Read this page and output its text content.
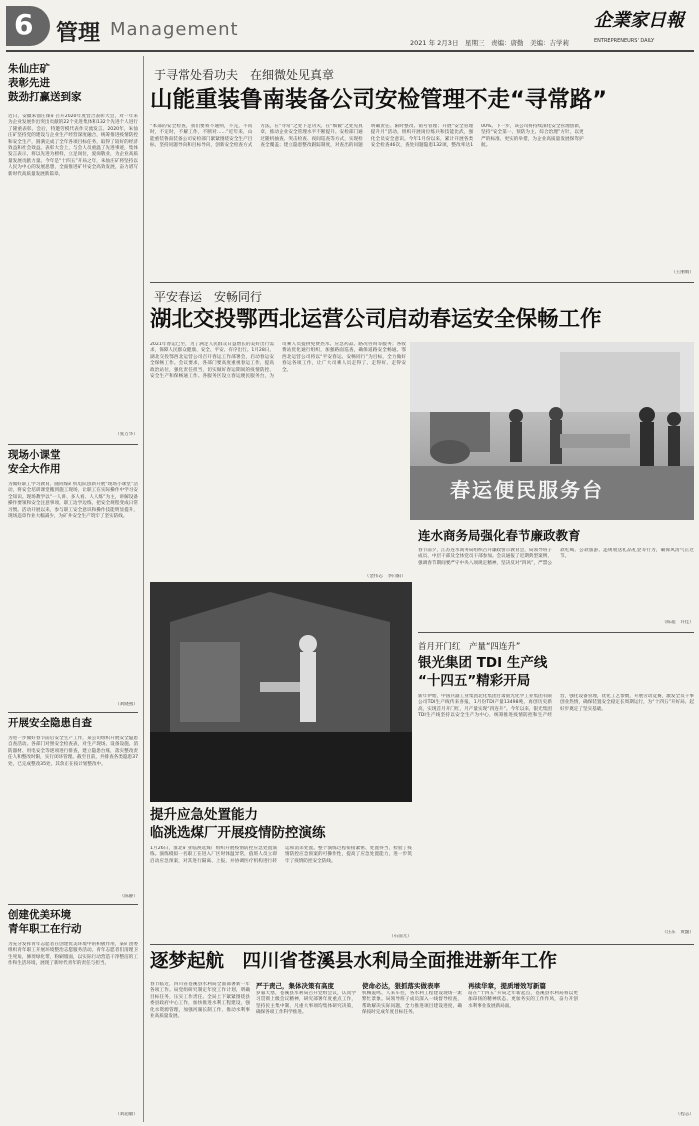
6 管理 Management	企業家日報
2021 年 2月3日　星期三　责编：唐勤　美编：吉学莉	ENTREPRENEURS' DAILY
朱仙庄矿
表彰先进
鼓劲打赢送到家
近日，安徽朱仙庄煤矿召开2020年度营合表彰大会，对一年来为企业发展作出突出贡献的22个先进集体和132个先进个人进行了隆重表彰。会后，特邀劳模代表作交流发言。2020年，朱仙庄矿坚持党的建设与企业生产经营深度融合，统筹推进疫情防控和安全生产，圆满完成了全年各项目标任务，取得了较好的经济效益和社会效益。表彰大会上，与会人员重温了先进事迹，集体发言表示，将以先进为榜样，立足岗位，爱岗敬业，为企业高质量发展贡献力量。今年是“十四五”开局之年，朱仙庄矿将坚持以人民为中心的发展思想，全面推进矿井安全高效发展，奋力谱写新时代高质量发展新篇章。
（张万华）
现场小课堂
安全大作用
为做好职工学习教育，随同煤矿机电队创新开展“现场小课堂”活动，将安全培训课堂搬到施工现场，让职工在实际操作中学习安全知识。现场教学以“一人讲、多人看、人人练”为主，讲解设备操作要领和安全注意事项，职工边学边练，把安全规程变成日常习惯。活动开展以来，参与职工安全意识和操作技能明显提升，现场违章作业大幅减少，为矿井安全生产筑牢了坚实防线。
（刘晓燕）
开展安全隐患自查
为进一步做好春节前后安全生产工作，某公司组织开展安全隐患自查活动。各部门对照安全检查表，对生产现场、设备设施、消防器材、用电安全等逐项进行排查，建立隐患台账，落实整改责任人和整改时限，实行闭环管理。截至目前，共排查各类隐患37处，已完成整改35处，其余正在按计划整改中。
（陈静）
创建优美环境
青年职工在行动
为充分发挥青年志愿者在创建优美环境中的积极作用，某矿团委组织青年职工开展环境整治志愿服务活动。青年志愿者们清理卫生死角，修剪绿化带，粉刷墙面，以实际行动营造干净整洁的工作和生活环境，展现了新时代青年的责任与担当。
（刘超敏）
于寻常处看功夫　在细微处见真章
山能重装鲁南装备公司安检管理不走“寻常路”
“本部的安全检查，我们要将不通则，不完，不问时，不定时，不解工作，不断对……”近年来，山能重装鲁南装备公司安检部门紧紧围绕安全生产目标，坚持问题导向和目标导向，创新安全检查方式方法，在“寻常”之处下足功夫，在“细微”之处见真章，推动企业安全管理水平不断提升。安检部门通过随机抽查、突击检查、夜间巡查等方式，实现检查全覆盖；建立隐患整改跟踪制度，对查出的问题明确责任、限时整改、销号管理；开展“安全管理提升月”活动，组织开展岗位练兵和技能比武，强化全员安全意识。今年1月份以来，累计开展各类安全检查46次，查处问题隐患132项，整改率达100%。下一步，该公司将持续深化安全管理创新，坚持“安全第一、预防为主、综合治理”方针，以更严的标准、更实的举措，为企业高质量发展保驾护航。
（王丽娟）
平安春运　安畅同行
湖北交投鄂西北运营公司启动春运安全保畅工作
2021年春运已至，为了满足人民群众日益增长的美好出行需求，保障人民群众健康、安全、平安、有序出行。1月28日，湖北交投鄂西北运营公司召开春运工作部署会，启动春运安全保畅工作。会议要求，各部门要高度重视春运工作，提高政治站位，强化责任担当，切实做好春运期间的疫情防控、安全生产和保畅通工作。各服务区设立春运便民服务台，为司乘人员提供免费热水、应急药品、路况咨询等服务；各收费站优化通行组织，加强路面巡查，确保道路安全畅通。鄂西北运营公司将以“平安春运、安畅同行”为目标，全力做好春运各项工作，让广大司乘人员走得了、走得好、走得安全。
（金伟志　李向阳）
春运便民服务台
连水商务局强化春节廉政教育
春节前夕，江苏连水商务局组织召开廉政警示教育会，局领导班子成员、中层干部及全体党员干部参加。会议通报了近期典型案例，强调春节期间要严守中央八项规定精神，坚决反对“四风”，严禁公款吃喝、公款旅游、违规收送礼品礼金等行为，确保风清气正过节。
（陈超　许佳）
提升应急处置能力
临洮选煤厂开展疫情防控演练
1月26日，淮北矿业临涣选煤厂组织开展疫情防控应急处置演练。演练模拟一名职工在进入厂区时体温异常，值班人员立即启动应急预案，对其进行隔离、上报，并协调医疗机构进行转运和消杀处置。整个演练过程衔接紧密、处置得当，检验了疫情防控应急预案的可操作性，提高了应急处置能力，进一步筑牢了疫情防控安全防线。
（石前元）
首月开门红　产量“四连升”
银光集团 TDI 生产线
“十四五”精彩开局
新年伊始，中国兵器工业集团北化集团甘肃银光化学工业集团有限公司TDI生产线传来喜报，1月份TDI产量13498吨，再创历史新高，实现首月开门红，月产量实现“四连升”。今年以来，银光集团TDI生产线坚持以安全生产为中心，统筹推进疫情防控和生产经营，强化设备管理，优化工艺参数，开展劳动竞赛，激发全员干事创业热情，确保装置安全稳定长周期运行，为“十四五”开好局、起好步奠定了坚实基础。
（汪东　黄懿）
逐梦起航　四川省苍溪县水利局全面推进新年工作
春节临近，四川省苍溪县水利局全面部署新一年各项工作。局党组研究制定年度工作计划，明确目标任务，压实工作责任。全局上下紧紧围绕县委县政府中心工作，加快推进水利工程建设，强化水资源管理，加强河湖长制工作，推动水利事业高质量发展。
严于责己，集体决策有高度
岁暮天寒，苍溪县水利局召开党组会议，认真学习贯彻上级会议精神，研究部署年度重点工作，坚持民主集中制，凡重大事项均集体研究决策，确保各项工作科学推进。
使命必达，狠抓落实做表率
机械轰鸣、人来车往，各水利工程建设现场一派繁忙景象。局领导班子成员深入一线督导检查，帮助解决实际问题，全力推进项目建设进度，确保按时完成年度目标任务。
再续华章，提质增效写新篇
站在“十四五”开局之年新起点，苍溪县水利局将以更加昂扬的精神状态、更加务实的工作作风，奋力开创水利事业发展新局面。
（程志）
